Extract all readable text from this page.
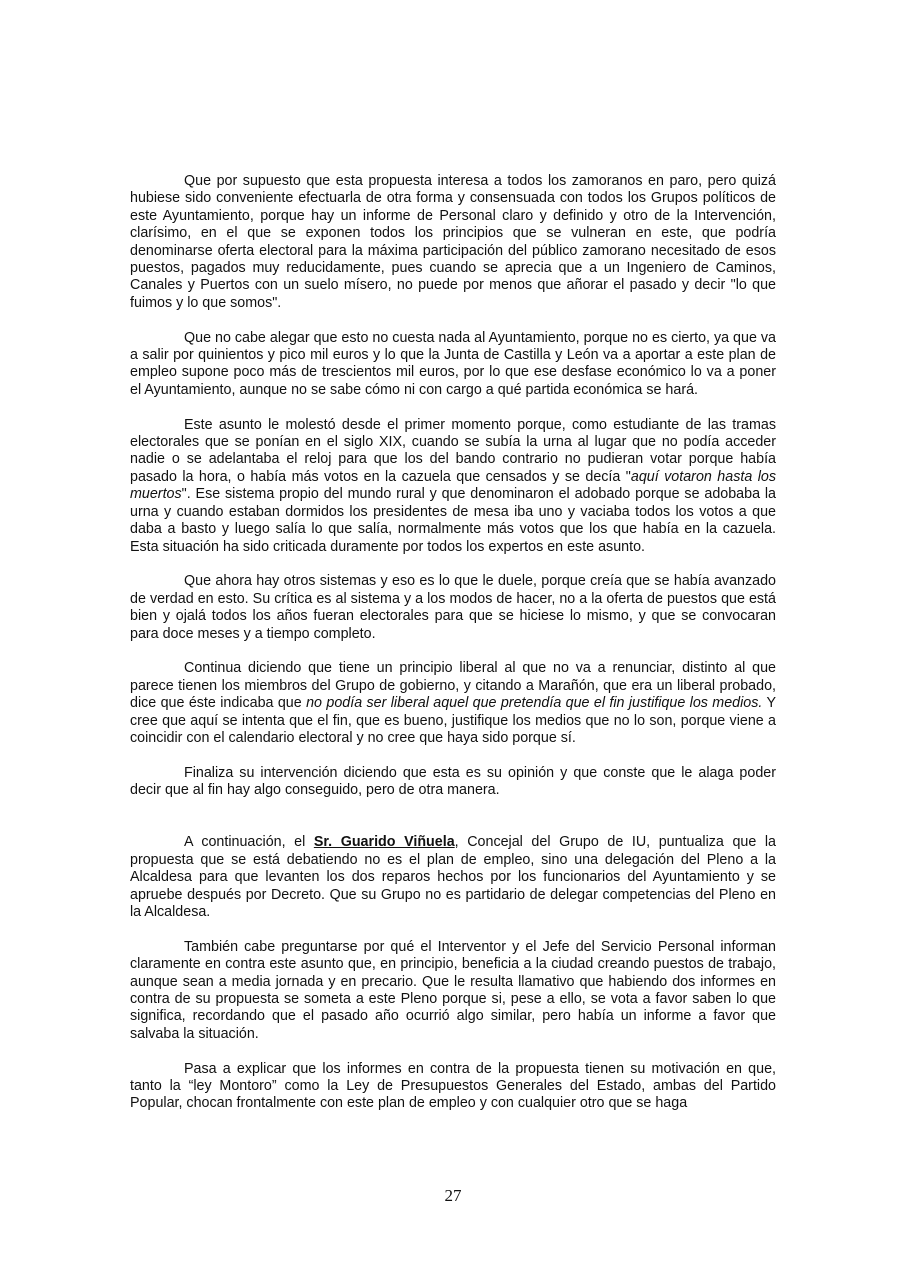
Que por supuesto que esta propuesta interesa a todos los zamoranos en paro, pero quizá hubiese sido conveniente efectuarla de otra forma y consensuada con todos los Grupos políticos de este Ayuntamiento, porque hay un informe de Personal claro y definido y otro de la Intervención, clarísimo, en el que se exponen todos los principios que se vulneran en este, que podría denominarse oferta electoral para la máxima participación del público zamorano necesitado de esos puestos, pagados muy reducidamente, pues cuando se aprecia que a un Ingeniero de Caminos, Canales y Puertos con un suelo mísero, no puede por menos que añorar el pasado y decir "lo que fuimos y lo que somos".

Que no cabe alegar que esto no cuesta nada al Ayuntamiento, porque no es cierto, ya que va a salir por quinientos y pico mil euros y lo que la Junta de Castilla y León va a aportar a este plan de empleo supone poco más de trescientos mil euros, por lo que ese desfase económico lo va a poner el Ayuntamiento, aunque no se sabe cómo ni con cargo a qué partida económica se hará.

Este asunto le molestó desde el primer momento porque, como estudiante de las tramas electorales que se ponían en el siglo XIX, cuando se subía la urna al lugar que no podía acceder nadie o se adelantaba el reloj para que los del bando contrario no pudieran votar porque había pasado la hora, o había más votos en la cazuela que censados y se decía "aquí votaron hasta los muertos". Ese sistema propio del mundo rural y que denominaron el adobado porque se adobaba la urna y cuando estaban dormidos los presidentes de mesa iba uno y vaciaba todos los votos a que daba a basto y luego salía lo que salía, normalmente más votos que los que había en la cazuela. Esta situación ha sido criticada duramente por todos los expertos en este asunto.

Que ahora hay otros sistemas y eso es lo que le duele, porque creía que se había avanzado de verdad en esto. Su crítica es al sistema y a los modos de hacer, no a la oferta de puestos que está bien y ojalá todos los años fueran electorales para que se hiciese lo mismo, y que se convocaran para doce meses y a tiempo completo.

Continua diciendo que tiene un principio liberal al que no va a renunciar, distinto al que parece tienen los miembros del Grupo de gobierno, y citando a Marañón, que era un liberal probado, dice que éste indicaba que no podía ser liberal aquel que pretendía que el fin justifique los medios. Y cree que aquí se intenta que el fin, que es bueno, justifique los medios que no lo son, porque viene a coincidir con el calendario electoral y no cree que haya sido porque sí.

Finaliza su intervención diciendo que esta es su opinión y que conste que le alaga poder decir que al fin hay algo conseguido, pero de otra manera.

A continuación, el Sr. Guarido Viñuela, Concejal del Grupo de IU, puntualiza que la propuesta que se está debatiendo no es el plan de empleo, sino una delegación del Pleno a la Alcaldesa para que levanten los dos reparos hechos por los funcionarios del Ayuntamiento y se apruebe después por Decreto. Que su Grupo no es partidario de delegar competencias del Pleno en la Alcaldesa.

También cabe preguntarse por qué el Interventor y el Jefe del Servicio Personal informan claramente en contra este asunto que, en principio, beneficia a la ciudad creando puestos de trabajo, aunque sean a media jornada y en precario. Que le resulta llamativo que habiendo dos informes en contra de su propuesta se someta a este Pleno porque si, pese a ello, se vota a favor saben lo que significa, recordando que el pasado año ocurrió algo similar, pero había un informe a favor que salvaba la situación.

Pasa a explicar que los informes en contra de la propuesta tienen su motivación en que, tanto la “ley Montoro” como la Ley de Presupuestos Generales del Estado, ambas del Partido Popular, chocan frontalmente con este plan de empleo y con cualquier otro que se haga

27
